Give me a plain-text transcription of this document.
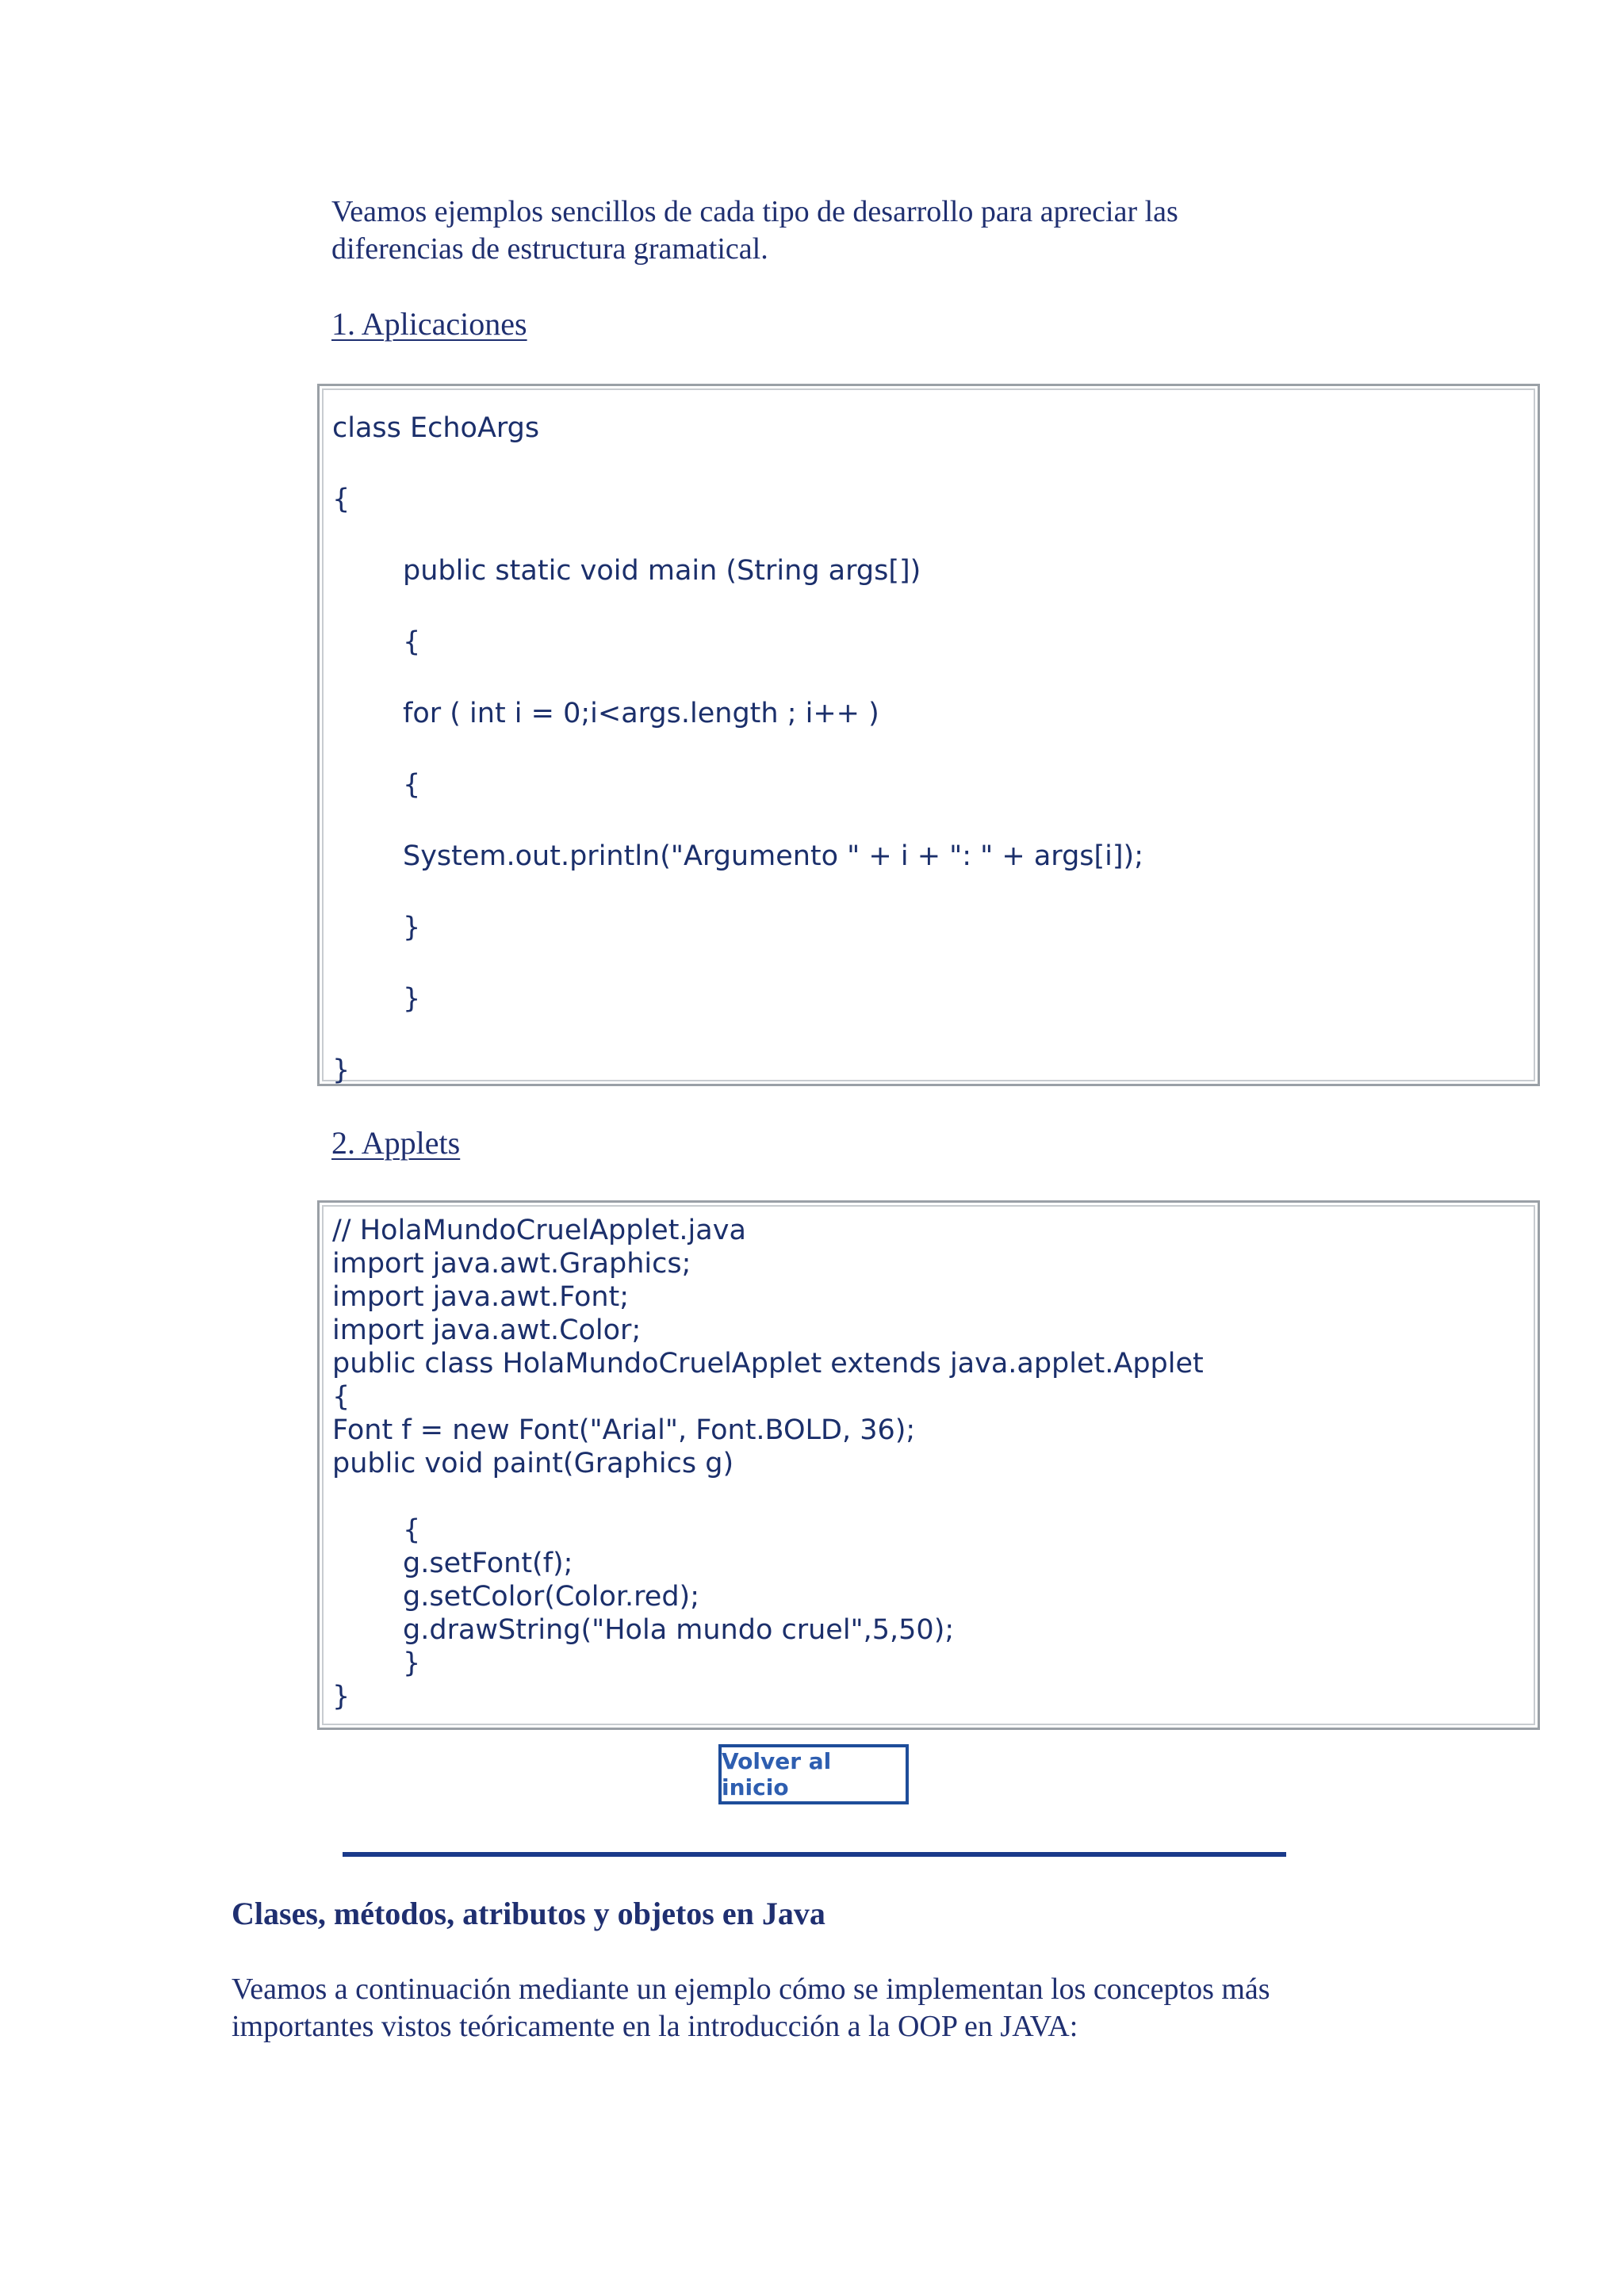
Veamos ejemplos sencillos de cada tipo de desarrollo para apreciar las
diferencias de estructura gramatical.
1. Aplicaciones
class EchoArgs
{
public static void main (String args[])
{
for ( int i = 0;i<args.length ; i++ )
{
System.out.println("Argumento " + i + ": " + args[i]);
}
}
}
2. Applets
// HolaMundoCruelApplet.java
import java.awt.Graphics;
import java.awt.Font;
import java.awt.Color;
public class HolaMundoCruelApplet extends java.applet.Applet
{
Font f = new Font("Arial", Font.BOLD, 36);
public void paint(Graphics g)

{
g.setFont(f);
g.setColor(Color.red);
g.drawString("Hola mundo cruel",5,50);
}
}
Volver al inicio
Clases, métodos, atributos y objetos en Java
Veamos a continuación mediante un ejemplo cómo se implementan los conceptos más
importantes vistos teóricamente en la introducción a la OOP en JAVA:
